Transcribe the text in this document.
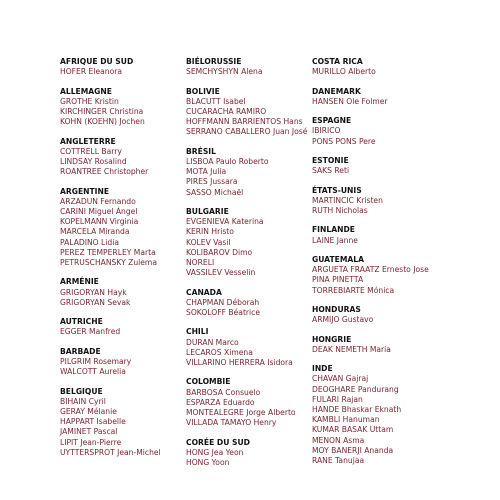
AFRIQUE DU SUD
HOFER Eleanora
ALLEMAGNE
GROTHE Kristin
KIRCHINGER Christina
KOHN (KOEHN) Jochen
ANGLETERRE
COTTRELL Barry
LINDSAY Rosalind
ROANTREE Christopher
ARGENTINE
ARZADUN Fernando
CARINI Miguel Ángel
KOPELMANN Virginia
MARCELA Miranda
PALADINO Lidia
PEREZ TEMPERLEY Marta
PETRUSCHANSKY Zulema
ARMÉNIE
GRIGORYAN Hayk
GRIGORYAN Sevak
AUTRICHE
EGGER Manfred
BARBADE
PILGRIM Rosemary
WALCOTT Aurelia
BELGIQUE
BIHAIN Cyril
GERAY Mélanie
HAPPART Isabelle
JAMINET Pascal
LIPIT Jean-Pierre
UYTTERSPROT Jean-Michel
BIÉLORUSSIE
SEMCHYSHYN Alena
BOLIVIE
BLACUTT Isabel
CUCARACHA RAMIRO
HOFFMANN BARRIENTOS Hans
SERRANO CABALLERO Juan José
BRÉSIL
LISBOA Paulo Roberto
MOTA Julia
PIRES Jussara
SASSO Michaël
BULGARIE
EVGENIEVA Katerina
KERIN Hristo
KOLEV Vasil
KOLIBAROV Dimo
NORELI
VASSILEV Vesselin
CANADA
CHAPMAN Déborah
SOKOLOFF Béatrice
CHILI
DURAN Marco
LECAROS Ximena
VILLARINO HERRERA Isidora
COLOMBIE
BARBOSA Consuelo
ESPARZA Eduardo
MONTEALEGRE Jorge Alberto
VILLADA TAMAYO Henry
CORÉE DU SUD
HONG Jea Yeon
HONG Yoon
COSTA RICA
MURILLO Alberto
DANEMARK
HANSEN Ole Folmer
ESPAGNE
IBIRICO
PONS PONS Pere
ESTONIE
SAKS Reti
ÉTATS-UNIS
MARTINCIC Kristen
RUTH Nicholas
FINLANDE
LAINE Janne
GUATEMALA
ARGUETA FRAATZ Ernesto Jose
PINA PINETTA
TORREBIARTE Mónica
HONDURAS
ARMIJO Gustavo
HONGRIE
DEAK NEMETH Maria
INDE
CHAVAN Gajraj
DEOGHARE Pandurang
FULARI Rajan
HANDE Bhaskar Eknath
KAMBLI Hanuman
KUMAR BASAK Uttam
MENON Asma
MOY BANERJI Ananda
RANE Tanujaa
